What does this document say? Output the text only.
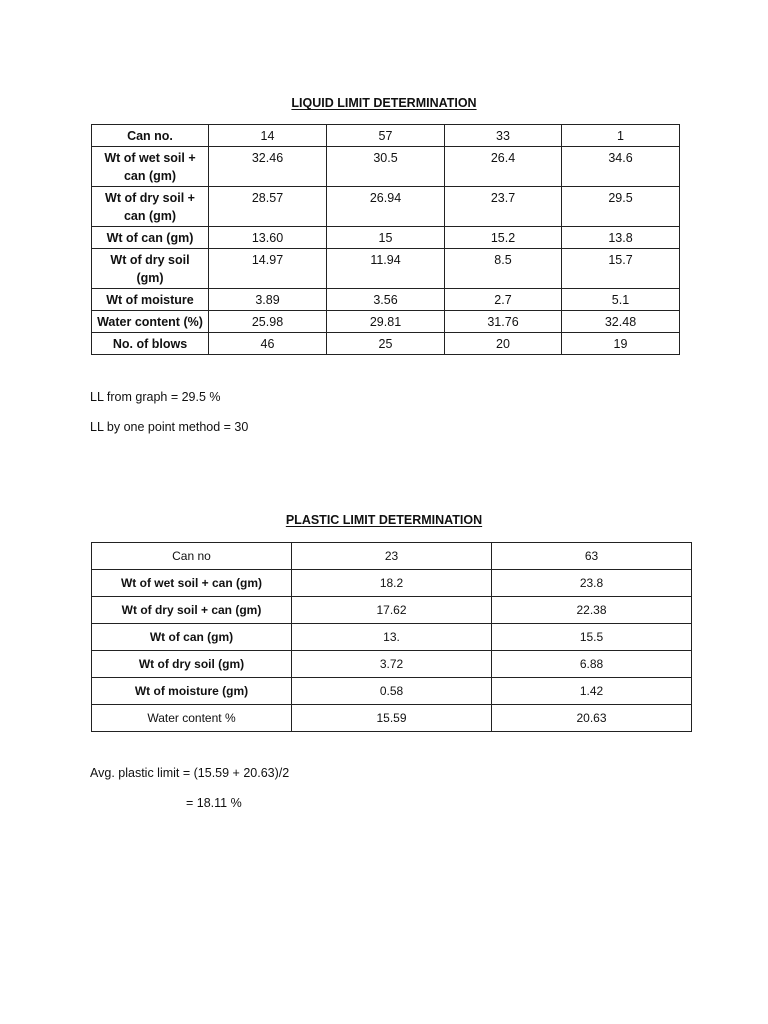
LIQUID LIMIT DETERMINATION
Can no.	14	57	33	1
Wt of wet soil + can (gm)	32.46	30.5	26.4	34.6
Wt of dry soil + can (gm)	28.57	26.94	23.7	29.5
Wt of can (gm)	13.60	15	15.2	13.8
Wt of dry soil (gm)	14.97	11.94	8.5	15.7
Wt of moisture	3.89	3.56	2.7	5.1
Water content (%)	25.98	29.81	31.76	32.48
No. of blows	46	25	20	19
LL from graph = 29.5 %
LL by one point method = 30
PLASTIC LIMIT DETERMINATION
Can no	23	63
Wt of wet soil + can (gm)	18.2	23.8
Wt of dry soil + can (gm)	17.62	22.38
Wt of can (gm)	13.	15.5
Wt of dry soil (gm)	3.72	6.88
Wt of moisture (gm)	0.58	1.42
Water content %	15.59	20.63
Avg. plastic limit = (15.59 + 20.63)/2
= 18.11 %
